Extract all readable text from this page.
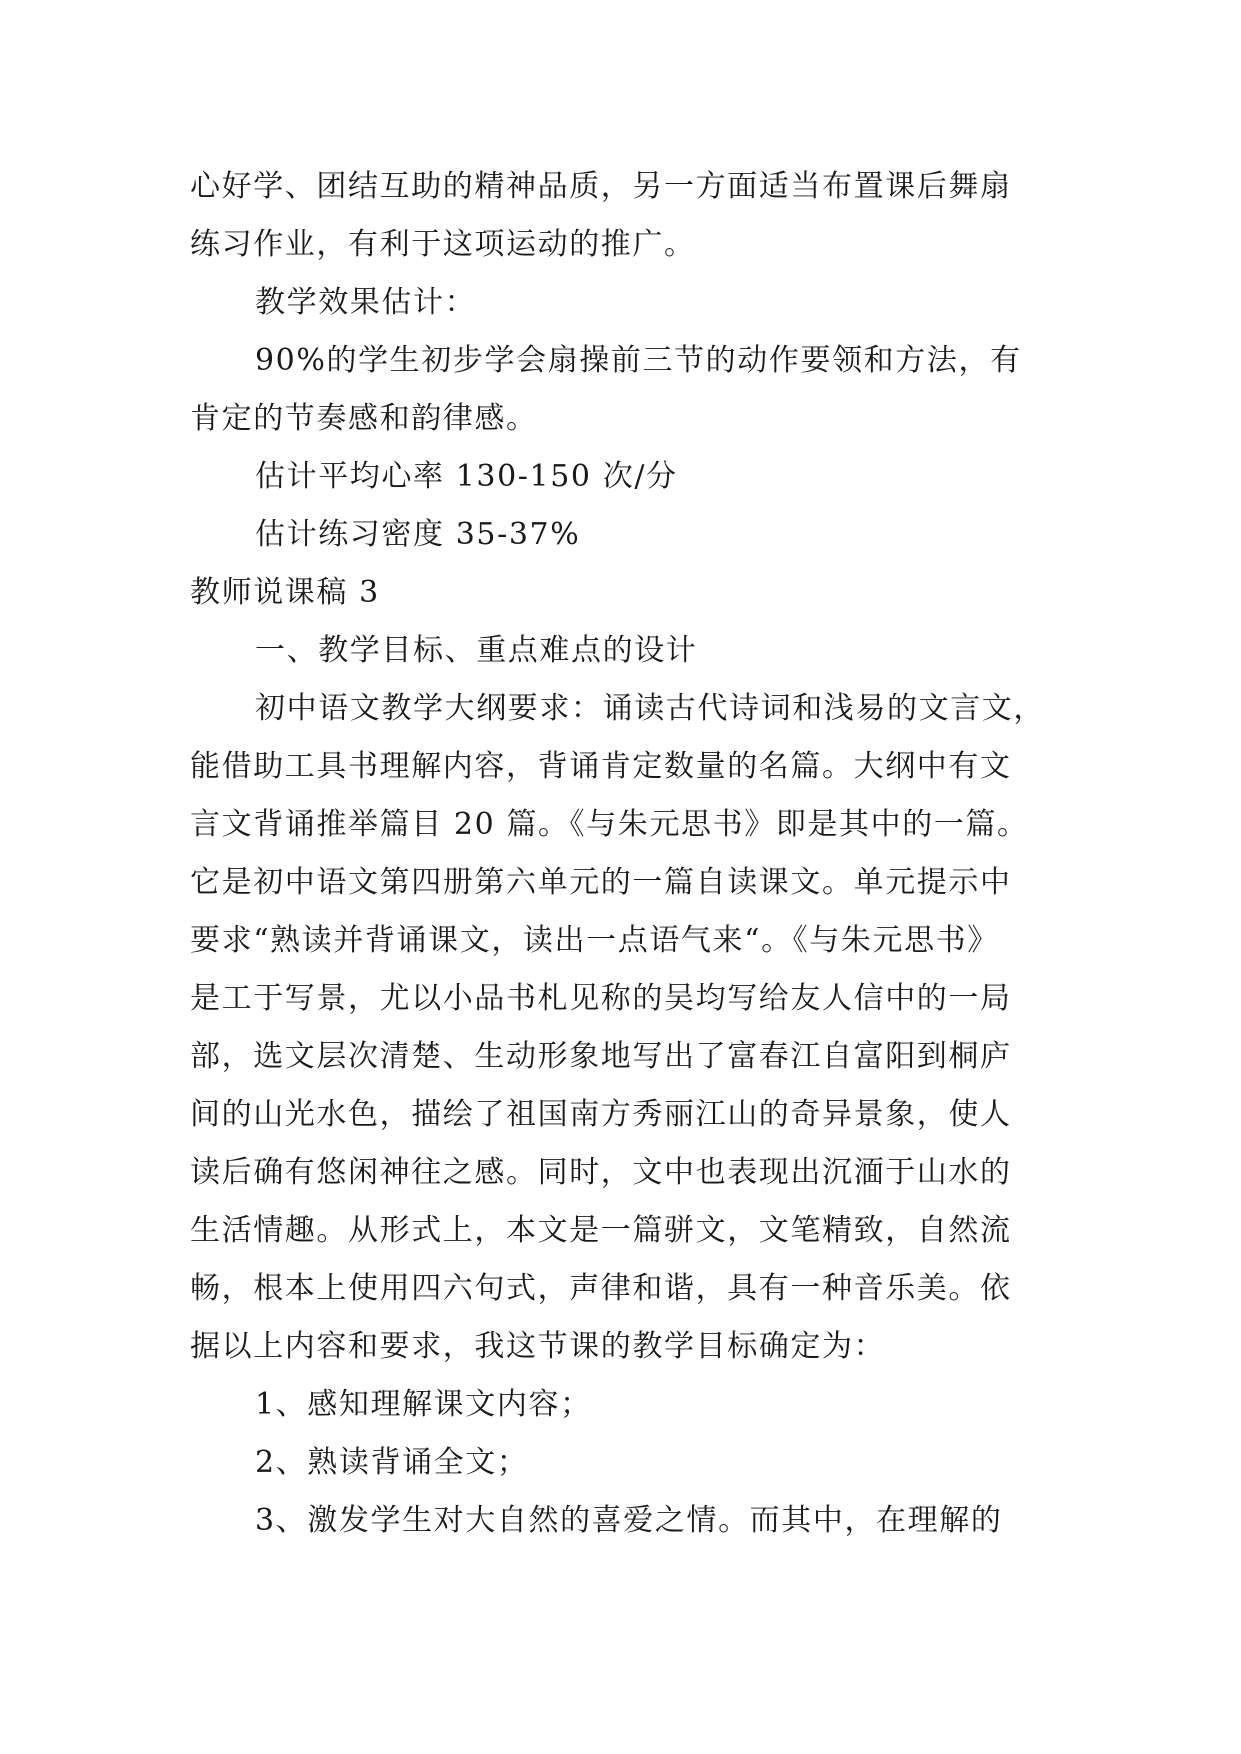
心好学、团结互助的精神品质，另一方面适当布置课后舞扇

练习作业，有利于这项运动的推广。

教学效果估计：

90%的学生初步学会扇操前三节的动作要领和方法，有

肯定的节奏感和韵律感。

估计平均心率 130-150 次/分

估计练习密度 35-37%

教师说课稿 3

一、教学目标、重点难点的设计

初中语文教学大纲要求：诵读古代诗词和浅易的文言文，

能借助工具书理解内容，背诵肯定数量的名篇。大纲中有文

言文背诵推举篇目 20 篇。《与朱元思书》即是其中的一篇。

它是初中语文第四册第六单元的一篇自读课文。单元提示中

要求“熟读并背诵课文，读出一点语气来“。《与朱元思书》

是工于写景，尤以小品书札见称的吴均写给友人信中的一局

部，选文层次清楚、生动形象地写出了富春江自富阳到桐庐

间的山光水色，描绘了祖国南方秀丽江山的奇异景象，使人

读后确有悠闲神往之感。同时，文中也表现出沉湎于山水的

生活情趣。从形式上，本文是一篇骈文，文笔精致，自然流

畅，根本上使用四六句式，声律和谐，具有一种音乐美。依

据以上内容和要求，我这节课的教学目标确定为：

1、感知理解课文内容；

2、熟读背诵全文；

3、激发学生对大自然的喜爱之情。而其中，在理解的
